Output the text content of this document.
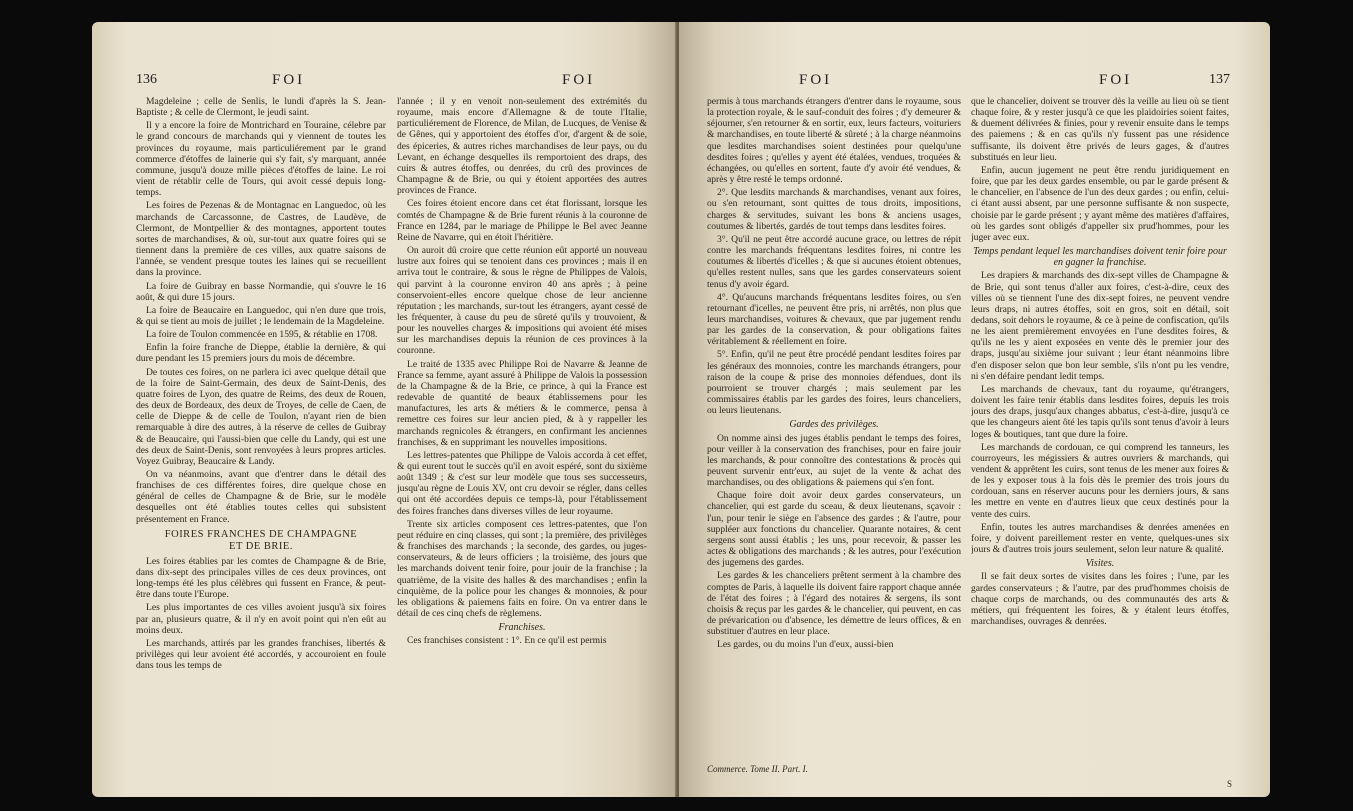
136	FOI	FOI

Magdeleine ; celle de Senlis, le lundi d'après la S. Jean-Baptiste ; & celle de Clermont, le jeudi saint.

Il y a encore la foire de Montrichard en Touraine, célebre par le grand concours de marchands qui y viennent de toutes les provinces du royaume, mais particuliérement par le grand commerce d'étoffes de lainerie qui s'y fait, s'y marquant, année commune, jusqu'à douze mille pièces d'étoffes de laine. Le roi vient de rétablir celle de Tours, qui avoit cessé depuis long-temps.

Les foires de Pezenas & de Montagnac en Languedoc, où les marchands de Carcassonne, de Castres, de Laudève, de Clermont, de Montpellier & des montagnes, apportent toutes sortes de marchandises, & où, sur-tout aux quatre foires qui se tiennent dans la première de ces villes, aux quatre saisons de l'année, se vendent presque toutes les laines qui se recueillent dans la province.

La foire de Guibray en basse Normandie, qui s'ouvre le 16 août, & qui dure 15 jours.

La foire de Beaucaire en Languedoc, qui n'en dure que trois, & qui se tient au mois de juillet ; le lendemain de la Magdeleine.

La foire de Toulon commencée en 1595, & rétablie en 1708.

Enfin la foire franche de Dieppe, établie la dernière, & qui dure pendant les 15 premiers jours du mois de décembre.

De toutes ces foires, on ne parlera ici avec quelque détail que de la foire de Saint-Germain, des deux de Saint-Denis, des quatre foires de Lyon, des quatre de Reims, des deux de Rouen, des deux de Bordeaux, des deux de Troyes, de celle de Caen, de celle de Dieppe & de celle de Toulon, n'ayant rien de bien remarquable à dire des autres, à la réserve de celles de Guibray & de Beaucaire, qui l'aussi-bien que celle du Landy, qui est une des deux de Saint-Denis, sont renvoyées à leurs propres articles. Voyez Guibray, Beaucaire & Landy.

On va néanmoins, avant que d'entrer dans le détail des franchises de ces différentes foires, dire quelque chose en général de celles de Champagne & de Brie, sur le modèle desquelles ont été établies toutes celles qui subsistent présentement en France.

FOIRES FRANCHES DE CHAMPAGNE
ET DE BRIE.

Les foires établies par les comtes de Champagne & de Brie, dans dix-sept des principales villes de ces deux provinces, ont long-temps été les plus célèbres qui fussent en France, & peut-être dans toute l'Europe.

Les plus importantes de ces villes avoient jusqu'à six foires par an, plusieurs quatre, & il n'y en avoit point qui n'en eût au moins deux.

Les marchands, attirés par les grandes franchises, libertés & privilèges qui leur avoient été accordés, y accouroient en foule dans tous les temps de

l'année ; il y en venoit non-seulement des extrémités du royaume, mais encore d'Allemagne & de toute l'Italie, particuliérement de Florence, de Milan, de Lucques, de Venise & de Gênes, qui y apportoient des étoffes d'or, d'argent & de soie, des épiceries, & autres riches marchandises de leur pays, ou du Levant, en échange desquelles ils remportoient des draps, des cuirs & autres étoffes, ou denrées, du crû des provinces de Champagne & de Brie, ou qui y étoient apportées des autres provinces de France.

Ces foires étoient encore dans cet état florissant, lorsque les comtés de Champagne & de Brie furent réunis à la couronne de France en 1284, par le mariage de Philippe le Bel avec Jeanne Reine de Navarre, qui en étoit l'héritière.

On auroit dû croire que cette réunion eût apporté un nouveau lustre aux foires qui se tenoient dans ces provinces ; mais il en arriva tout le contraire, & sous le règne de Philippes de Valois, qui parvint à la couronne environ 40 ans après ; à peine conservoient-elles encore quelque chose de leur ancienne réputation ; les marchands, sur-tout les étrangers, ayant cessé de les fréquenter, à cause du peu de sûreté qu'ils y trouvoient, & pour les nouvelles charges & impositions qui avoient été mises sur les marchandises depuis la réunion de ces provinces à la couronne.

Le traité de 1335 avec Philippe Roi de Navarre & Jeanne de France sa femme, ayant assuré à Philippe de Valois la possession de la Champagne & de la Brie, ce prince, à qui la France est redevable de quantité de beaux établissemens pour les manufactures, les arts & métiers & le commerce, pensa à remettre ces foires sur leur ancien pied, & à y rappeller les marchands regnicoles & étrangers, en confirmant les anciennes franchises, & en supprimant les nouvelles impositions.

Les lettres-patentes que Philippe de Valois accorda à cet effet, & qui eurent tout le succès qu'il en avoit espéré, sont du sixième août 1349 ; & c'est sur leur modèle que tous ses successeurs, jusqu'au règne de Louis XV, ont cru devoir se régler, dans celles qui ont été accordées depuis ce temps-là, pour l'établissement des foires franches dans diverses villes de leur royaume.

Trente six articles composent ces lettres-patentes, que l'on peut réduire en cinq classes, qui sont ; la première, des privilèges & franchises des marchands ; la seconde, des gardes, ou juges-conservateurs, & de leurs officiers ; la troisième, des jours que les marchands doivent tenir foire, pour jouir de la franchise ; la quatrième, de la visite des halles & des marchandises ; enfin la cinquième, de la police pour les changes & monnoies, & pour les obligations & paiemens faits en foire. On va entrer dans le détail de ces cinq chefs de règlemens.

Franchises.

Ces franchises consistent : 1°. En ce qu'il est permis

FOI	FOI	137

permis à tous marchands étrangers d'entrer dans le royaume, sous la protection royale, & le sauf-conduit des foires ; d'y demeurer & séjourner, s'en retourner & en sortir, eux, leurs facteurs, voituriers & marchandises, en toute liberté & sûreté ; à la charge néanmoins que lesdites marchandises soient destinées pour quelqu'une desdites foires ; qu'elles y ayent été étalées, vendues, troquées & échangées, ou qu'elles en sortent, faute d'y avoir été vendues, & après y être resté le temps ordonné.

2°. Que lesdits marchands & marchandises, venant aux foires, ou s'en retournant, sont quittes de tous droits, impositions, charges & servitudes, suivant les bons & anciens usages, coutumes & libertés, gardés de tout temps dans lesdites foires.

3°. Qu'il ne peut être accordé aucune grace, ou lettres de répit contre les marchands fréquentans lesdites foires, ni contre les coutumes & libertés d'icelles ; & que si aucunes étoient obtenues, qu'elles restent nulles, sans que les gardes conservateurs soient tenus d'y avoir égard.

4°. Qu'aucuns marchands fréquentans lesdites foires, ou s'en retournant d'icelles, ne peuvent être pris, ni arrêtés, non plus que leurs marchandises, voitures & chevaux, que par jugement rendu par les gardes de la conservation, & pour obligations faites véritablement & réellement en foire.

5°. Enfin, qu'il ne peut être procédé pendant lesdites foires par les généraux des monnoies, contre les marchands étrangers, pour raison de la coupe & prise des monnoies défendues, dont ils pourroient se trouver chargés ; mais seulement par les commissaires établis par les gardes des foires, leurs chanceliers, ou leurs lieutenans.

Gardes des privilèges.

On nomme ainsi des juges établis pendant le temps des foires, pour veiller à la conservation des franchises, pour en faire jouir les marchands, & pour connoître des contestations & procès qui peuvent survenir entr'eux, au sujet de la vente & achat des marchandises, ou des obligations & paiemens qui s'en font.

Chaque foire doit avoir deux gardes conservateurs, un chancelier, qui est garde du sceau, & deux lieutenans, sçavoir : l'un, pour tenir le siège en l'absence des gardes ; & l'autre, pour suppléer aux fonctions du chancelier. Quarante notaires, & cent sergens sont aussi établis ; les uns, pour recevoir, & passer les actes & obligations des marchands ; & les autres, pour l'exécution des jugemens des gardes.

Les gardes & les chanceliers prêtent serment à la chambre des comptes de Paris, à laquelle ils doivent faire rapport chaque année de l'état des foires ; à l'égard des notaires & sergens, ils sont choisis & reçus par les gardes & le chancelier, qui peuvent, en cas de prévarication ou d'absence, les démettre de leurs offices, & en substituer d'autres en leur place.

Les gardes, ou du moins l'un d'eux, aussi-bien

Commerce. Tome II. Part. I.

que le chancelier, doivent se trouver dès la veille au lieu où se tient chaque foire, & y rester jusqu'à ce que les plaidoiries soient faites, & duement délivrées & finies, pour y revenir ensuite dans le temps des paiemens ; & en cas qu'ils n'y fussent pas une résidence suffisante, ils doivent être privés de leurs gages, & d'autres substitués en leur lieu.

Enfin, aucun jugement ne peut être rendu juridiquement en foire, que par les deux gardes ensemble, ou par le garde présent & le chancelier, en l'absence de l'un des deux gardes ; ou enfin, celui-ci étant aussi absent, par une personne suffisante & non suspecte, choisie par le garde présent ; y ayant même des matières d'affaires, où les gardes sont obligés d'appeller six prud'hommes, pour les juger avec eux.

Temps pendant lequel les marchandises doivent tenir foire pour en gagner la franchise.

Les drapiers & marchands des dix-sept villes de Champagne & de Brie, qui sont tenus d'aller aux foires, c'est-à-dire, ceux des villes où se tiennent l'une des dix-sept foires, ne peuvent vendre leurs draps, ni autres étoffes, soit en gros, soit en détail, soit dedans, soit dehors le royaume, & ce à peine de confiscation, qu'ils ne les aient premièrement envoyées en l'une desdites foires, & qu'ils ne les y aient exposées en vente dès le premier jour des draps, jusqu'au sixième jour suivant ; leur étant néanmoins libre d'en disposer selon que bon leur semble, s'ils n'ont pu les vendre, ni s'en défaire pendant ledit temps.

Les marchands de chevaux, tant du royaume, qu'étrangers, doivent les faire tenir établis dans lesdites foires, depuis les trois jours des draps, jusqu'aux changes abbatus, c'est-à-dire, jusqu'à ce que les changeurs aient ôté les tapis qu'ils sont tenus d'avoir à leurs loges & boutiques, tant que dure la foire.

Les marchands de cordouan, ce qui comprend les tanneurs, les courroyeurs, les mégissiers & autres ouvriers & marchands, qui vendent & apprêtent les cuirs, sont tenus de les mener aux foires & de les y exposer tous à la fois dès le premier des trois jours du cordouan, sans en réserver aucuns pour les derniers jours, & sans les mettre en vente en d'autres lieux que ceux destinés pour la vente des cuirs.

Enfin, toutes les autres marchandises & denrées amenées en foire, y doivent pareillement rester en vente, quelques-unes six jours & d'autres trois jours seulement, selon leur nature & qualité.

Visites.

Il se fait deux sortes de visites dans les foires ; l'une, par les gardes conservateurs ; & l'autre, par des prud'hommes choisis de chaque corps de marchands, ou des communautés des arts & métiers, qui fréquentent les foires, & y étalent leurs étoffes, marchandises, ouvrages & denrées.

S
